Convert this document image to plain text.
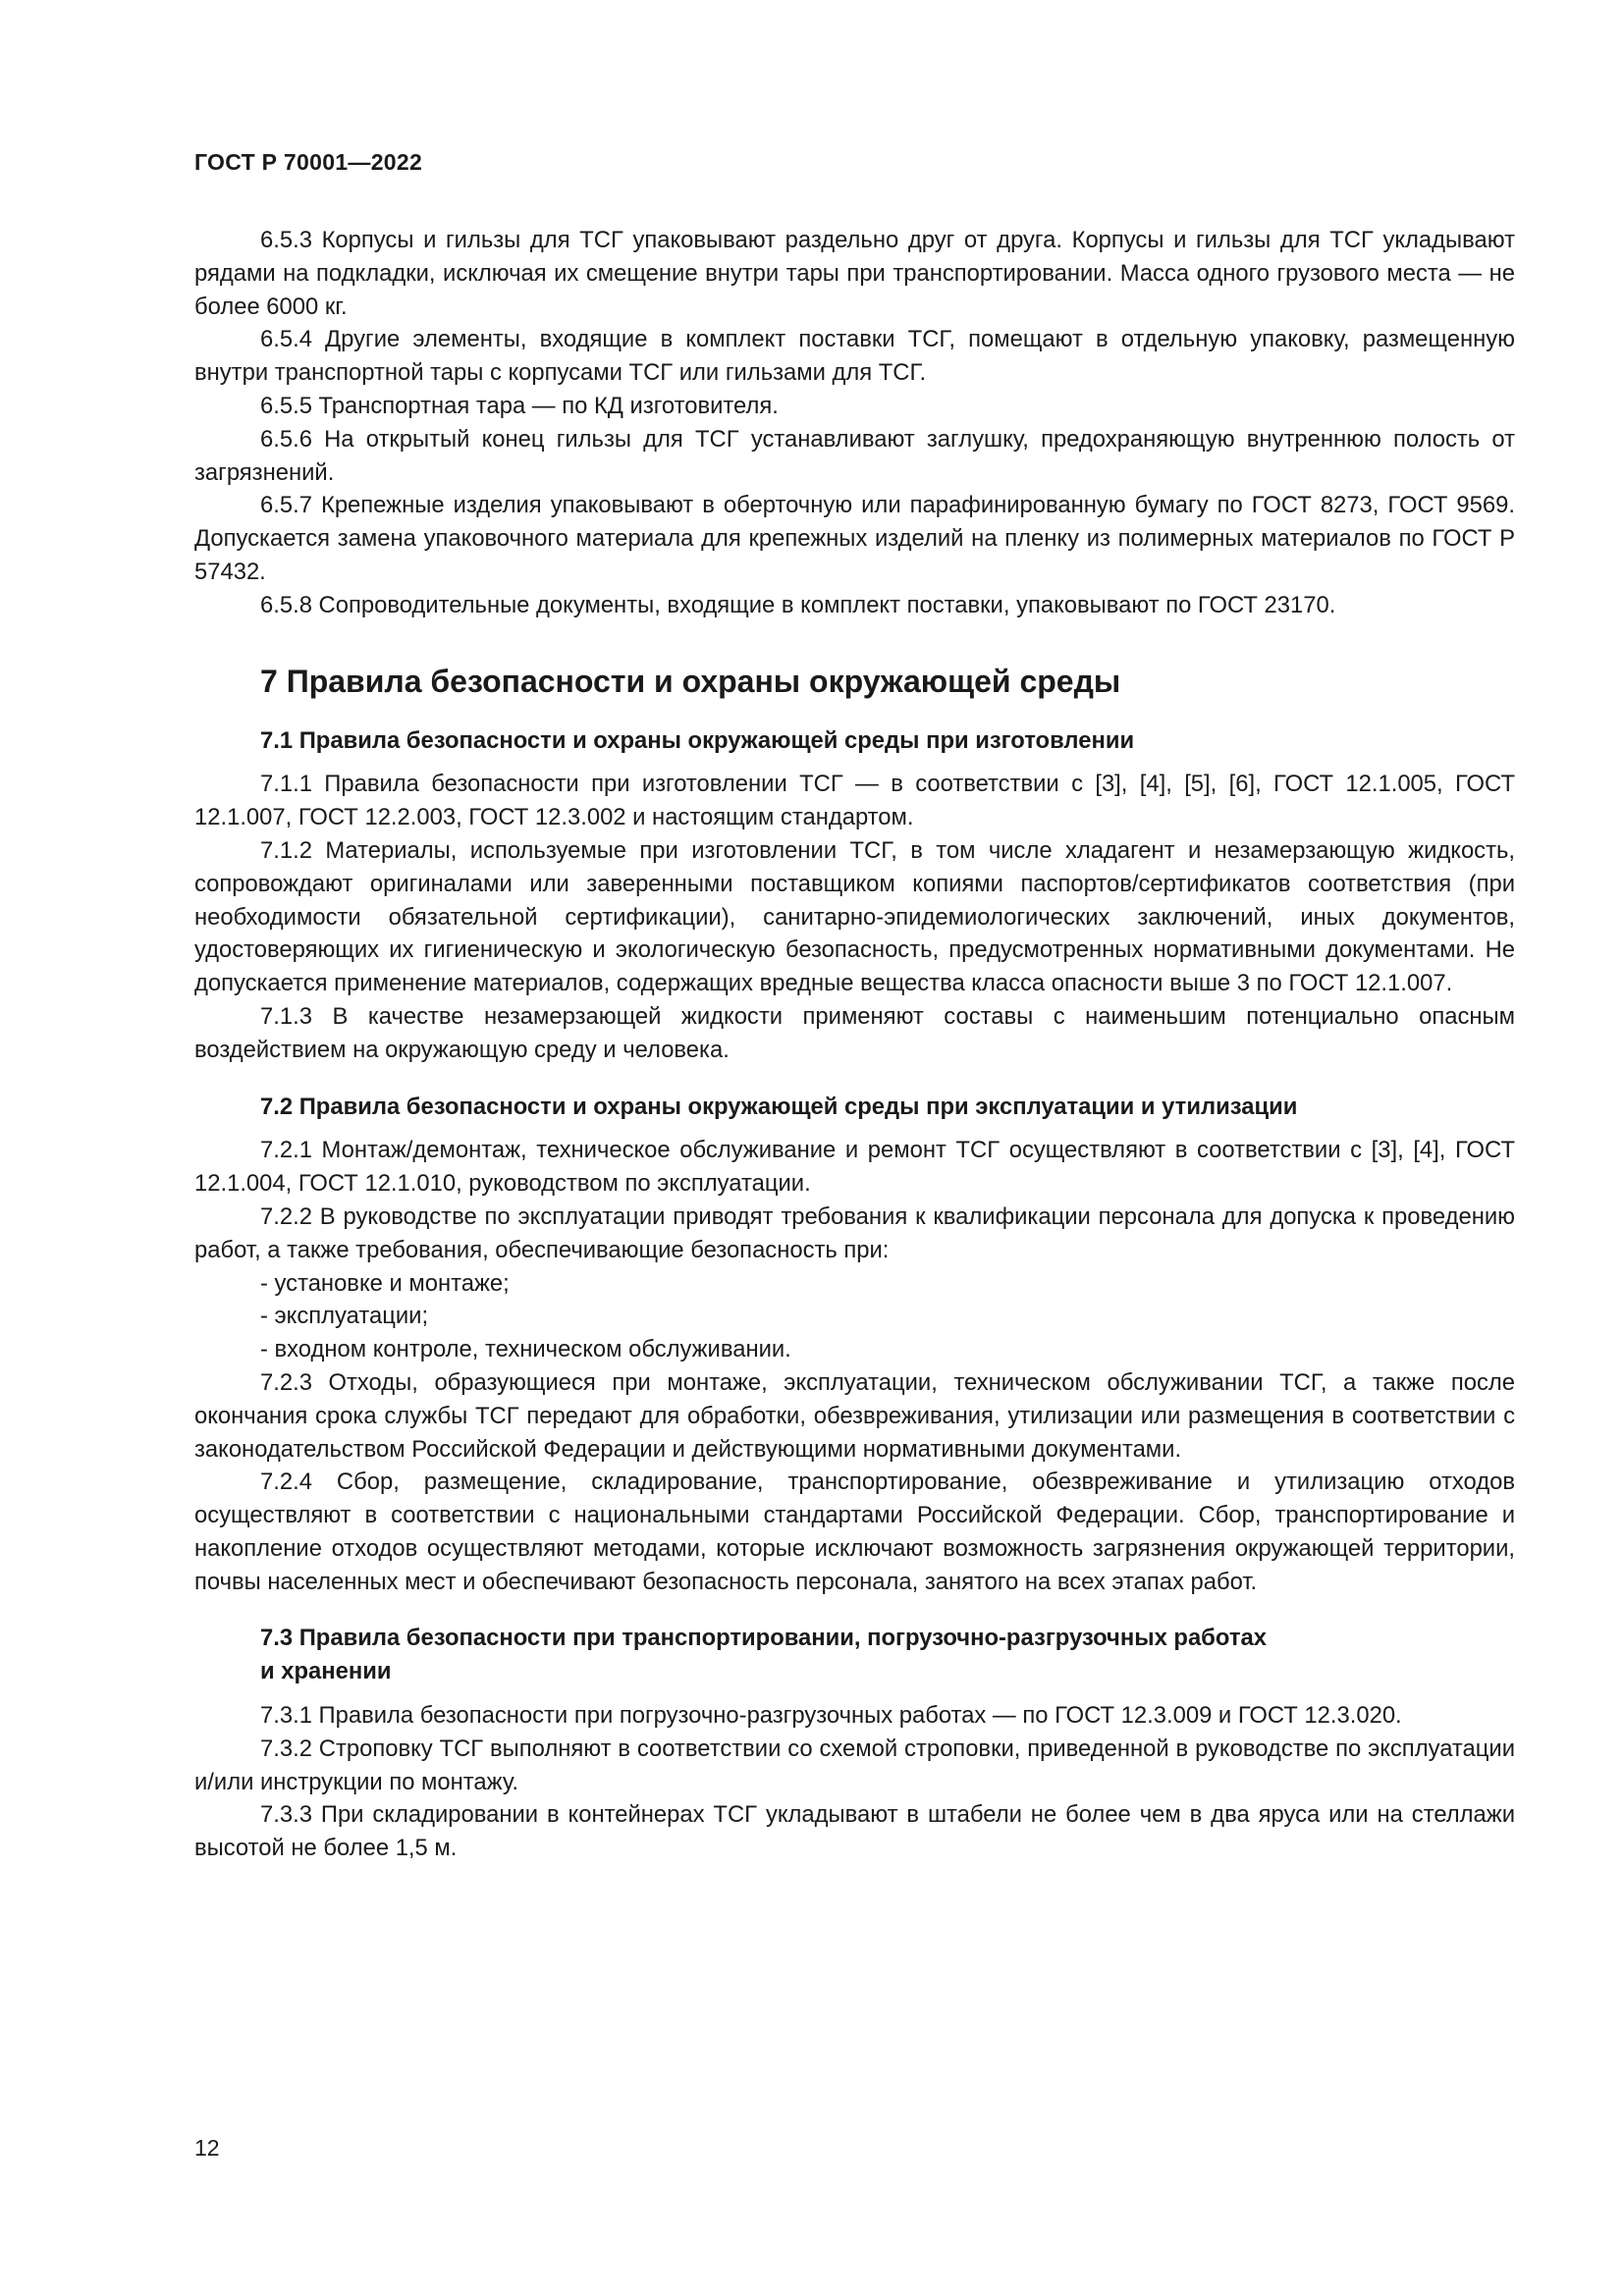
ГОСТ Р 70001—2022

6.5.3 Корпусы и гильзы для ТСГ упаковывают раздельно друг от друга. Корпусы и гильзы для ТСГ укладывают рядами на подкладки, исключая их смещение внутри тары при транспортировании. Масса одного грузового места — не более 6000 кг.

6.5.4 Другие элементы, входящие в комплект поставки ТСГ, помещают в отдельную упаковку, размещенную внутри транспортной тары с корпусами ТСГ или гильзами для ТСГ.

6.5.5 Транспортная тара — по КД изготовителя.

6.5.6 На открытый конец гильзы для ТСГ устанавливают заглушку, предохраняющую внутреннюю полость от загрязнений.

6.5.7 Крепежные изделия упаковывают в оберточную или парафинированную бумагу по ГОСТ 8273, ГОСТ 9569. Допускается замена упаковочного материала для крепежных изделий на пленку из полимерных материалов по ГОСТ Р 57432.

6.5.8 Сопроводительные документы, входящие в комплект поставки, упаковывают по ГОСТ 23170.

7 Правила безопасности и охраны окружающей среды
7.1 Правила безопасности и охраны окружающей среды при изготовлении

7.1.1 Правила безопасности при изготовлении ТСГ — в соответствии с [3], [4], [5], [6], ГОСТ 12.1.005, ГОСТ 12.1.007, ГОСТ 12.2.003, ГОСТ 12.3.002 и настоящим стандартом.

7.1.2 Материалы, используемые при изготовлении ТСГ, в том числе хладагент и незамерзающую жидкость, сопровождают оригиналами или заверенными поставщиком копиями паспортов/сертификатов соответствия (при необходимости обязательной сертификации), санитарно-эпидемиологических заключений, иных документов, удостоверяющих их гигиеническую и экологическую безопасность, предусмотренных нормативными документами. Не допускается применение материалов, содержащих вредные вещества класса опасности выше 3 по ГОСТ 12.1.007.

7.1.3 В качестве незамерзающей жидкости применяют составы с наименьшим потенциально опасным воздействием на окружающую среду и человека.

7.2 Правила безопасности и охраны окружающей среды при эксплуатации и утилизации

7.2.1 Монтаж/демонтаж, техническое обслуживание и ремонт ТСГ осуществляют в соответствии с [3], [4], ГОСТ 12.1.004, ГОСТ 12.1.010, руководством по эксплуатации.

7.2.2 В руководстве по эксплуатации приводят требования к квалификации персонала для допуска к проведению работ, а также требования, обеспечивающие безопасность при:

- установке и монтаже;
- эксплуатации;
- входном контроле, техническом обслуживании.

7.2.3 Отходы, образующиеся при монтаже, эксплуатации, техническом обслуживании ТСГ, а также после окончания срока службы ТСГ передают для обработки, обезвреживания, утилизации или размещения в соответствии с законодательством Российской Федерации и действующими нормативными документами.

7.2.4 Сбор, размещение, складирование, транспортирование, обезвреживание и утилизацию отходов осуществляют в соответствии с национальными стандартами Российской Федерации. Сбор, транспортирование и накопление отходов осуществляют методами, которые исключают возможность загрязнения окружающей территории, почвы населенных мест и обеспечивают безопасность персонала, занятого на всех этапах работ.

7.3 Правила безопасности при транспортировании, погрузочно-разгрузочных работах
и хранении

7.3.1 Правила безопасности при погрузочно-разгрузочных работах — по ГОСТ 12.3.009 и ГОСТ 12.3.020.

7.3.2 Строповку ТСГ выполняют в соответствии со схемой строповки, приведенной в руководстве по эксплуатации и/или инструкции по монтажу.

7.3.3 При складировании в контейнерах ТСГ укладывают в штабели не более чем в два яруса или на стеллажи высотой не более 1,5 м.

12
